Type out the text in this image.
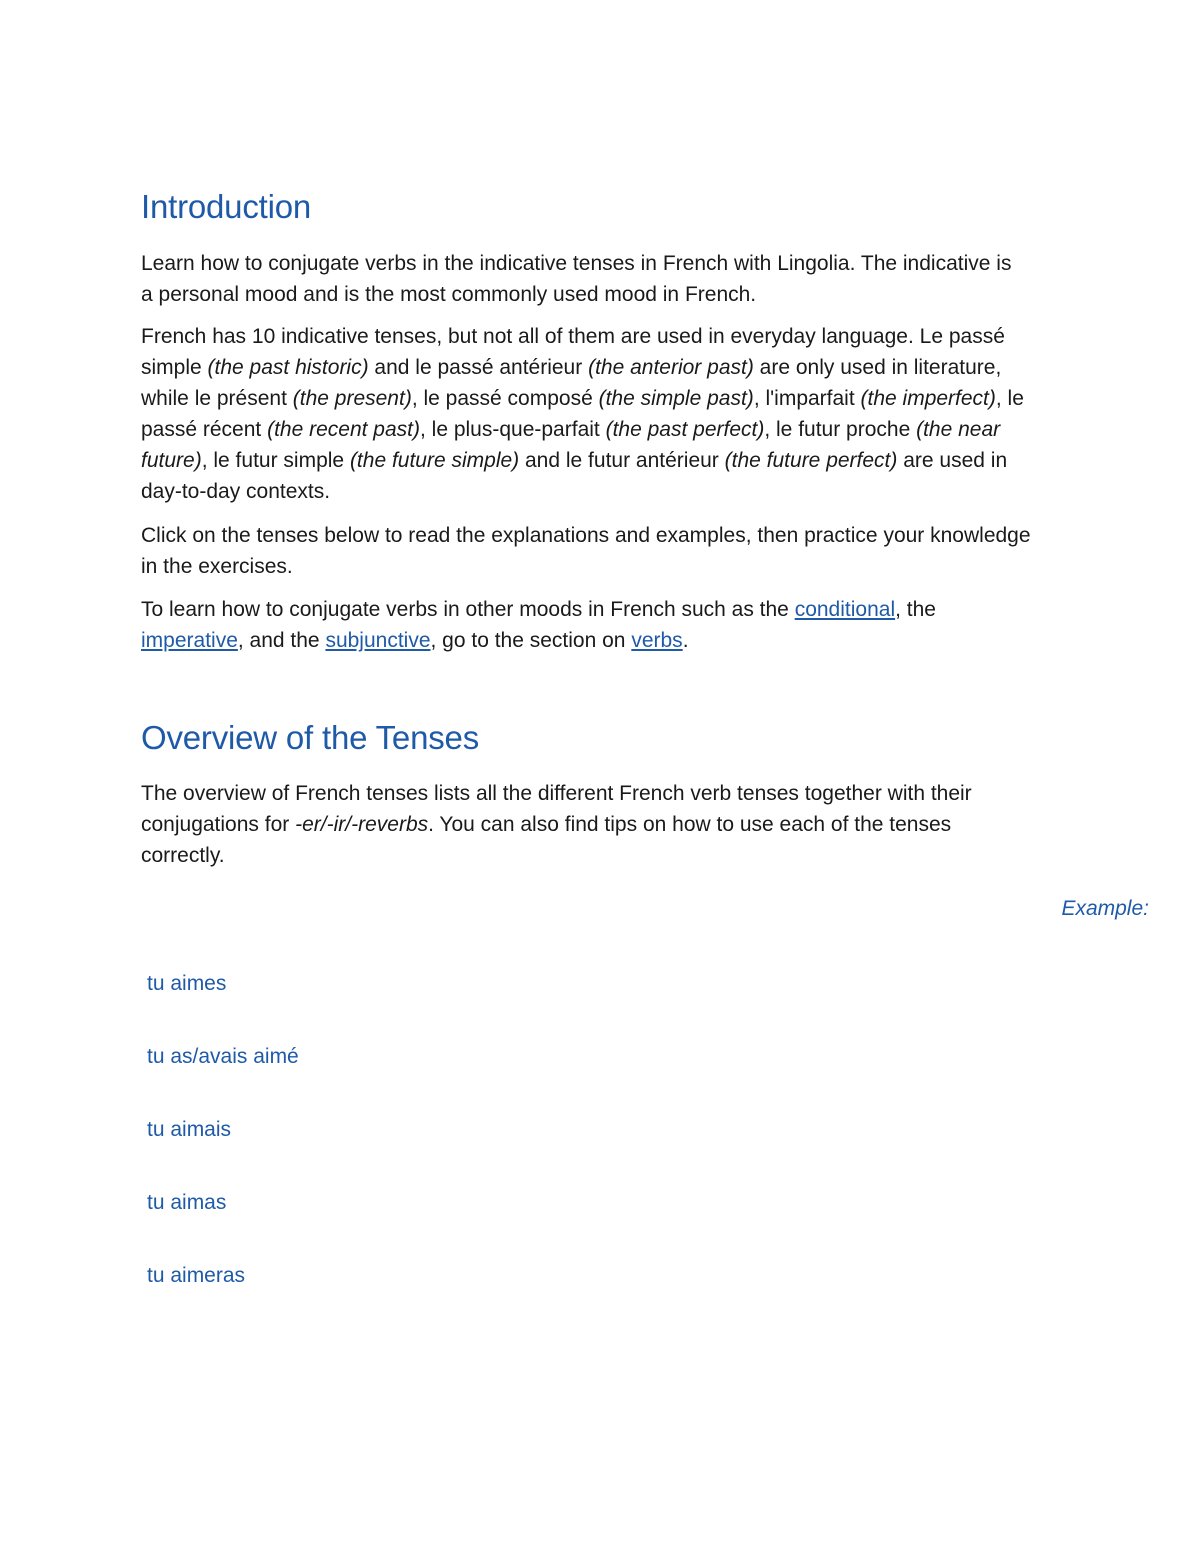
Introduction

Learn how to conjugate verbs in the indicative tenses in French with Lingolia. The indicative is a personal mood and is the most commonly used mood in French.

French has 10 indicative tenses, but not all of them are used in everyday language. Le passé simple (the past historic) and le passé antérieur (the anterior past) are only used in literature, while le présent (the present), le passé composé (the simple past), l'imparfait (the imperfect), le passé récent (the recent past), le plus-que-parfait (the past perfect), le futur proche (the near future), le futur simple (the future simple) and le futur antérieur (the future perfect) are used in day-to-day contexts.

Click on the tenses below to read the explanations and examples, then practice your knowledge in the exercises.

To learn how to conjugate verbs in other moods in French such as the conditional, the imperative, and the subjunctive, go to the section on verbs.

Overview of the Tenses

The overview of French tenses lists all the different French verb tenses together with their conjugations for -er/-ir/-reverbs. You can also find tips on how to use each of the tenses correctly.

Example:
tu aimes
tu as/avais aimé
tu aimais
tu aimas
tu aimeras
